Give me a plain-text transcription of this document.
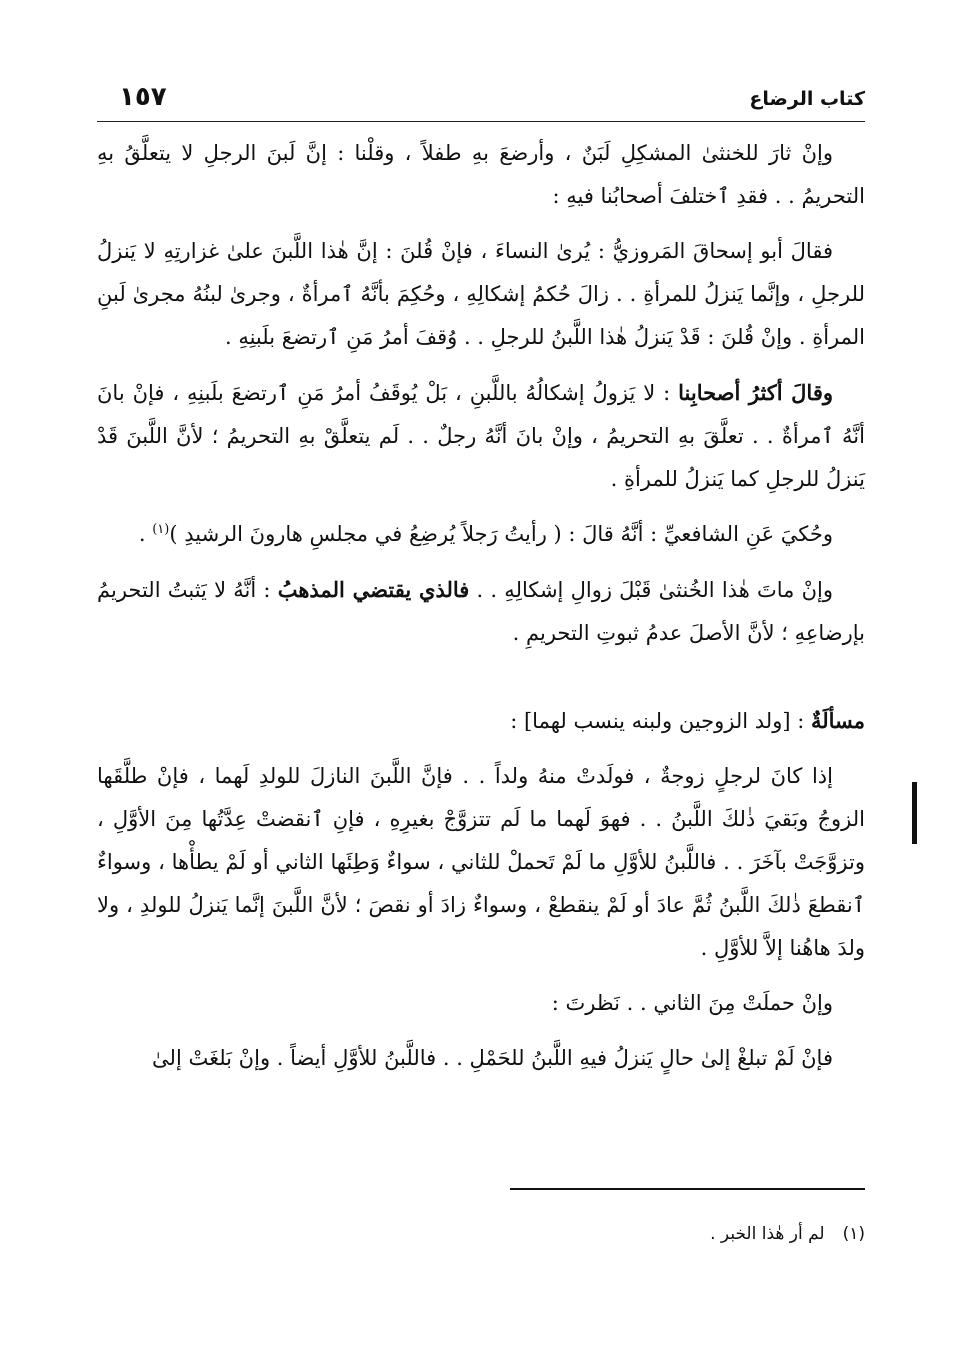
كتاب الرضاع
١٥٧

وإنْ ثارَ للخنثىٰ المشكِلِ لَبَنٌ ، وأرضعَ بهِ طفلاً ، وقلْنا : إنَّ لَبنَ الرجلِ لا يتعلَّقُ بهِ التحريمُ . . فقدِ ٱختلفَ أصحابُنا فيهِ :

فقالَ أبو إسحاقَ المَروزيُّ : يُرىٰ النساءَ ، فإنْ قُلنَ : إنَّ هٰذا اللَّبنَ علىٰ غزارتِهِ لا يَنزلُ للرجلِ ، وإنَّما يَنزلُ للمرأةِ . . زالَ حُكمُ إشكالِهِ ، وحُكِمَ بأنَّهُ ٱمرأةٌ ، وجرىٰ لبنُهُ مجرىٰ لَبنِ المرأةِ . وإنْ قُلنَ : قَدْ يَنزلُ هٰذا اللَّبنُ للرجلِ . . وُقفَ أمرُ مَنِ ٱرتضعَ بلَبنِهِ .

وقالَ أكثرُ أصحابِنا : لا يَزولُ إشكالُهُ باللَّبنِ ، بَلْ يُوقَفُ أمرُ مَنِ ٱرتضعَ بلَبنِهِ ، فإنْ بانَ أنَّهُ ٱمرأةٌ . . تعلَّقَ بهِ التحريمُ ، وإنْ بانَ أنَّهُ رجلٌ . . لَم يتعلَّقْ بهِ التحريمُ ؛ لأنَّ اللَّبنَ قَدْ يَنزلُ للرجلِ كما يَنزلُ للمرأةِ .

وحُكيَ عَنِ الشافعيِّ : أنَّهُ قالَ : ( رأيتُ رَجلاً يُرضِعُ في مجلسِ هارونَ الرشيدِ )$^{(١)}$ .

وإنْ ماتَ هٰذا الخُنثىٰ قَبْلَ زوالِ إشكالِهِ . . فالذي يقتضي المذهبُ : أنَّهُ لا يَثبتُ التحريمُ بإرضاعِهِ ؛ لأنَّ الأصلَ عدمُ ثبوتِ التحريمِ .

مسألَةٌ : [ولد الزوجين ولبنه ينسب لهما] :

إذا كانَ لرجلٍ زوجةٌ ، فولَدتْ منهُ ولداً . . فإنَّ اللَّبنَ النازلَ للولدِ لَهما ، فإنْ طلَّقَها الزوجُ وبَقيَ ذٰلكَ اللَّبنُ . . فهوَ لَهما ما لَم تتزوَّجْ بغيرِهِ ، فإنِ ٱنقضتْ عِدَّتُها مِنَ الأوَّلِ ، وتزوَّجَتْ بآخَرَ . . فاللَّبنُ للأوَّلِ ما لَمْ تَحملْ للثاني ، سواءٌ وَطِئَها الثاني أو لَمْ يطأْها ، وسواءٌ ٱنقطعَ ذٰلكَ اللَّبنُ ثُمَّ عادَ أو لَمْ ينقطعْ ، وسواءٌ زادَ أو نقصَ ؛ لأنَّ اللَّبنَ إنَّما يَنزلُ للولدِ ، ولا ولدَ هاهُنا إلاَّ للأوَّلِ .

وإنْ حملَتْ مِنَ الثاني . . نَظرتَ :

فإنْ لَمْ تبلغْ إلىٰ حالٍ يَنزلُ فيهِ اللَّبنُ للحَمْلِ . . فاللَّبنُ للأوَّلِ أيضاً . وإنْ بَلغَتْ إلىٰ

(١)لم أر هٰذا الخبر .
